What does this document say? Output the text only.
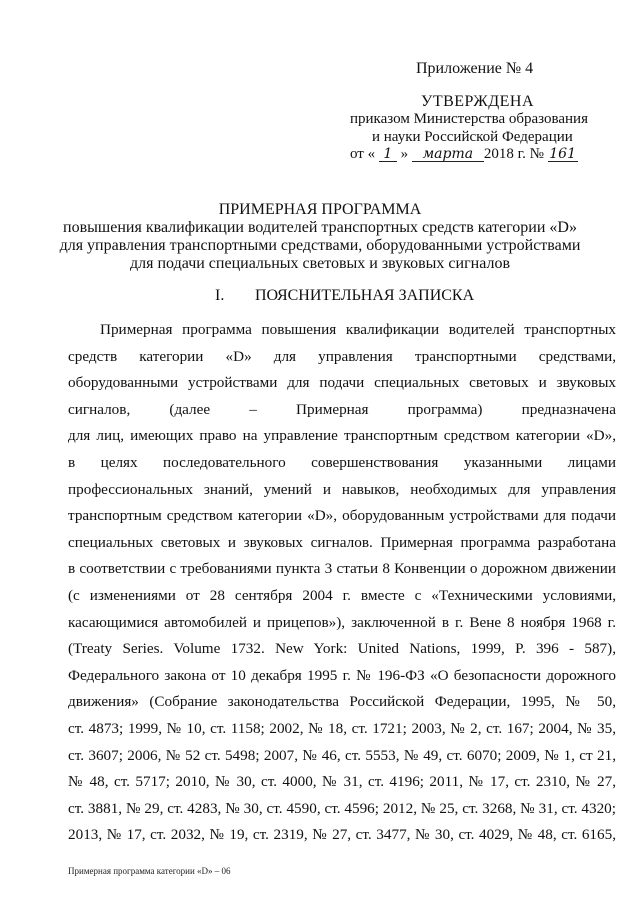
Приложение № 4
УТВЕРЖДЕНА
приказом Министерства образования
и науки Российской Федерации
от « 1 » марта 2018 г. № 161
ПРИМЕРНАЯ ПРОГРАММА
повышения квалификации водителей транспортных средств категории «D»
для управления транспортными средствами, оборудованными устройствами
для подачи специальных световых и звуковых сигналов
I. ПОЯСНИТЕЛЬНАЯ ЗАПИСКА
Примерная программа повышения квалификации водителей транспортных
средств категории «D» для управления транспортными средствами,
оборудованными устройствами для подачи специальных световых и звуковых
сигналов, (далее – Примерная программа) предназначена
для лиц, имеющих право на управление транспортным средством категории «D»,
в целях последовательного совершенствования указанными лицами
профессиональных знаний, умений и навыков, необходимых для управления
транспортным средством категории «D», оборудованным устройствами для подачи
специальных световых и звуковых сигналов. Примерная программа разработана
в соответствии с требованиями пункта 3 статьи 8 Конвенции о дорожном движении
(с изменениями от 28 сентября 2004 г. вместе с «Техническими условиями,
касающимися автомобилей и прицепов»), заключенной в г. Вене 8 ноября 1968 г.
(Treaty Series. Volume 1732. New York: United Nations, 1999, P. 396 - 587),
Федерального закона от 10 декабря 1995 г. № 196-ФЗ «О безопасности дорожного
движения» (Собрание законодательства Российской Федерации, 1995, № 50,
ст. 4873; 1999, № 10, ст. 1158; 2002, № 18, ст. 1721; 2003, № 2, ст. 167; 2004, № 35,
ст. 3607; 2006, № 52 ст. 5498; 2007, № 46, ст. 5553, № 49, ст. 6070; 2009, № 1, ст 21,
№ 48, ст. 5717; 2010, № 30, ст. 4000, № 31, ст. 4196; 2011, № 17, ст. 2310, № 27,
ст. 3881, № 29, ст. 4283, № 30, ст. 4590, ст. 4596; 2012, № 25, ст. 3268, № 31, ст. 4320;
2013, № 17, ст. 2032, № 19, ст. 2319, № 27, ст. 3477, № 30, ст. 4029, № 48, ст. 6165,
Примерная программа категории «D» – 06
